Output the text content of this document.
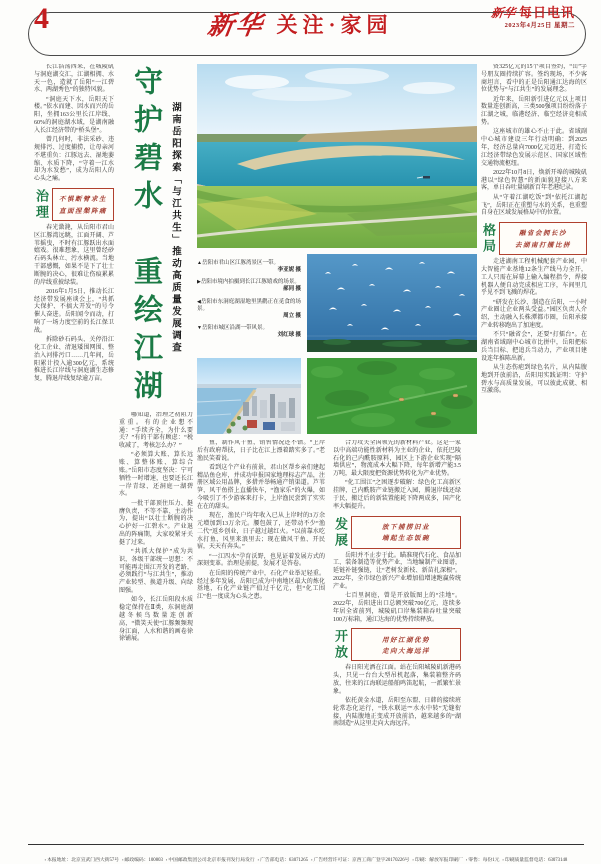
4	新华 关注·家园	新华 每日电讯
2023年4月25日 星期二
守护碧水　重绘江湖 湖南岳阳探索「与江共生」推动高质量发展调查	▲岳阳市君山区江豚湾景区一带。
李亚妮 摄

▶岳阳市境内拍摄到长江江豚嬉戏的场景。
郝同 摄

◀岳阳市东洞庭湖湿地里黑鹳正在觅食的场景。
周立 摄

▼岳阳市城区沿湖一带风景。
刘红球 摄

长江浩荡西来，在城陵矶与洞庭湖交汇，江湖相拥、水天一色，造就了岳阳“一江碧水、两湖秀色”的独特风貌。

“洞庭天下水，岳阳天下楼。”依水而建、因水而兴的岳阳，坐拥163公里长江岸线、60%的洞庭湖水域，是湖南融入长江经济带的“桥头堡”。

曾几何时，非法采砂、违规排污、过度捕捞，让母亲河不堪重负：江豚远去、湿地萎缩、水质下降，“守着一江水却为水发愁”，成为岳阳人的心头之痛。

治理	不惧断臂求生
直面涅槃阵痛

春光潋滟，从岳阳市君山区江豚湾远眺，江面开阔、芦苇摇曳，不时有江豚跃出水面嬉戏。很难想象，这里曾经砂石码头林立、污水横流。当地干部感慨，如果不是下了壮士断腕的决心，很难让伤痕累累的岸线重披绿装。

2016年1月5日，推动长江经济带发展座谈会上，“共抓大保护、不搞大开发”的号令催人奋进。岳阳闻令而动，打响了一场力度空前的长江保卫战。

拆除砂石码头、关停沿江化工企业、清退矮围网围、整治入河排污口……几年间，岳阳累计投入逾300亿元，系统推进长江岸线与洞庭湖生态修复，腾退岸线复绿逾万亩。

哪知道，治理之初阻力重重。有的企业想不通：“手续齐全，为什么要关？”有的干部有顾虑：“税收减了，考核怎么办？”

“必须算大账、算长远账、算整体账、算综合账。”岳阳市态度坚决：宁可牺牲一时增速，也要还长江一岸青绿、还洞庭一湖碧水。

一批干部顶住压力、挺膺负责，不等不靠、主动作为，提出“以壮士断腕的决心护好一江碧水”。产业退出的阵痛期，大家咬紧牙关挺了过来。

“共抓大保护”成为共识，各级干部统一思想：不可能再走围江开发的老路，必须践行“与江共生”，推动产业转型、换道升级、向绿图强。

如今，长江岳阳段水质稳定保持在Ⅱ类，东洞庭湖越冬候鸟数量连创新高，“微笑天使”江豚频频现身江面，人水和谐的画卷徐徐铺展。

鱼，制作风干鱼，销售情况还不错。“上岸后有政府帮扶，日子比在江上漂着踏实多了。”老渔民笑着说。

看到这个产业有前景，君山区帮乡亲们建起精品鱼仓库，并成功申报国家地理标志产品，注册区域公用品牌，多措并举畅通产销渠道。芦苇笋、风干鱼搭上直播快车，“渔家乐”的火爆，如今吸引了不少游客来打卡，上岸渔民尝到了实实在在的甜头。

现在，渔民户均年收入已从上岸时的3万余元增加到13万余元。腰包鼓了，还带动不少“渔二代”返乡创业，日子越过越红火。“以前靠水吃水打鱼，风里来浪里去；现在做风干鱼、开民宿，天天有奔头。”

“一江四水”孕育沃野，也见证着发展方式的深刻变革。治理是前提，发展才是答卷。

在岳阳的传统产业中，石化产业举足轻重。经过多年发展，岳阳已成为中南地区最大的炼化基地，石化产业链产值过千亿元，但“化工围江”也一度成为心头之患。

合力攻关全国领先的新材料产业。这是一家以中高端功能性新材料为主业的企业，依托巴陵石化的己内酰胺原料，园区上下游企业实现“隔墙供应”，物流成本大幅下降，每年新增产能3.5万吨，最大限度把资源优势转化为产业优势。

“化工围江”之困逐步破解：绿色化工高新区挂牌，己内酰胺产业链搬迁入园，腾退岸线还绿于民，搬迁后的新装置能耗下降两成多，国产化率大幅提升。

发展	放下捕捞旧业
端起生态饭碗

岳阳并不止步于此。瞄准现代石化、食品加工、装备制造等优势产业，当地编制产业图谱，延链补链强链，让“老树发新枝、新苗扎深根”。2022年，全市绿色新兴产业增加值增速跑赢传统产业。

七百里洞庭，曾是开放版图上的“洼地”。2022年，岳阳进出口总额突破700亿元，连续多年居全省前列，城陵矶口岸集装箱吞吐量突破100万标箱，通江达海的优势持续释放。

开放	用好江湖优势
走向大海远洋

春日阳光洒在江面。站在岳阳城陵矶新港码头，只见一台台大型吊机起落，集装箱整齐码放，往来的江海联运船舶鸣笛起航，一派繁忙景象。

依托黄金水道，岳阳至东盟、日韩的接续班轮常态化运行，“铁水联运”“水水中转”无缝衔接，内陆腹地正变成开放前沿，越来越多的“湖南制造”从这里走向大海远洋。

资325亿元的15个项目签约，“岳”字号朋友圈持续扩容。签约现场，不少客商坦言，看中的正是岳阳通江达海的区位优势与“与江共生”的发展理念。

近年来，岳阳新引进亿元以上项目数量连创新高，三类500强项目纷纷落子江湖之城，临港经济、临空经济竞相成势。

这座城市的雄心不止于此。省域副中心城市建设三年行动明确：到2025年，经济总量向7000亿元迈进，打造长江经济带绿色发展示范区、国家区域性交通物流枢纽。

2022年10月8日，焕新开埠的城陵矶港以“绿色智慧”的新面貌迎接八方来客，单日吞吐量刷新百年老港纪录。

从“守着江湖吃饭”到“依托江湖起飞”，岳阳正在重塑与水的关系，也重塑自身在区域发展格局中的位置。

格局	融省会拥长沙
去湖南打擂比拼

走进湖南工程机械配套产业园，中大智能产业基地12条生产线马力全开，工人只需在屏幕上输入编程指令，焊接机器人便自动完成相应工序，车间里几乎见不到飞溅的焊花。

“研发在长沙、制造在岳阳，一小时产业圈让企业两头受益。”园区负责人介绍，主动融入长株潭都市圈，岳阳承接产业转移跑出了加速度。

不只“融省会”，还要“打擂台”。在湖南省域副中心城市比拼中，岳阳把标兵当目标、把追兵当动力，产业项目建设连年推陈出新。

从生态伤疤到绿色名片，从内陆腹地到开放前沿，岳阳用实践证明：守护碧水与高质量发展，可以彼此成就、相互激荡。

▪ 本报地址：北京宣武门西大街57号 ▪ 邮政编码：100803 ▪ 中国邮政集团公司北京市报刊发行局发行 ▪ 广告部电话：63071265 ▪ 广告经营许可证：京西工商广登字20170226号 ▪ 印刷：解放军报印刷厂 ▪ 零售：每份1元 ▪ 印刷质量监督电话：63073148
